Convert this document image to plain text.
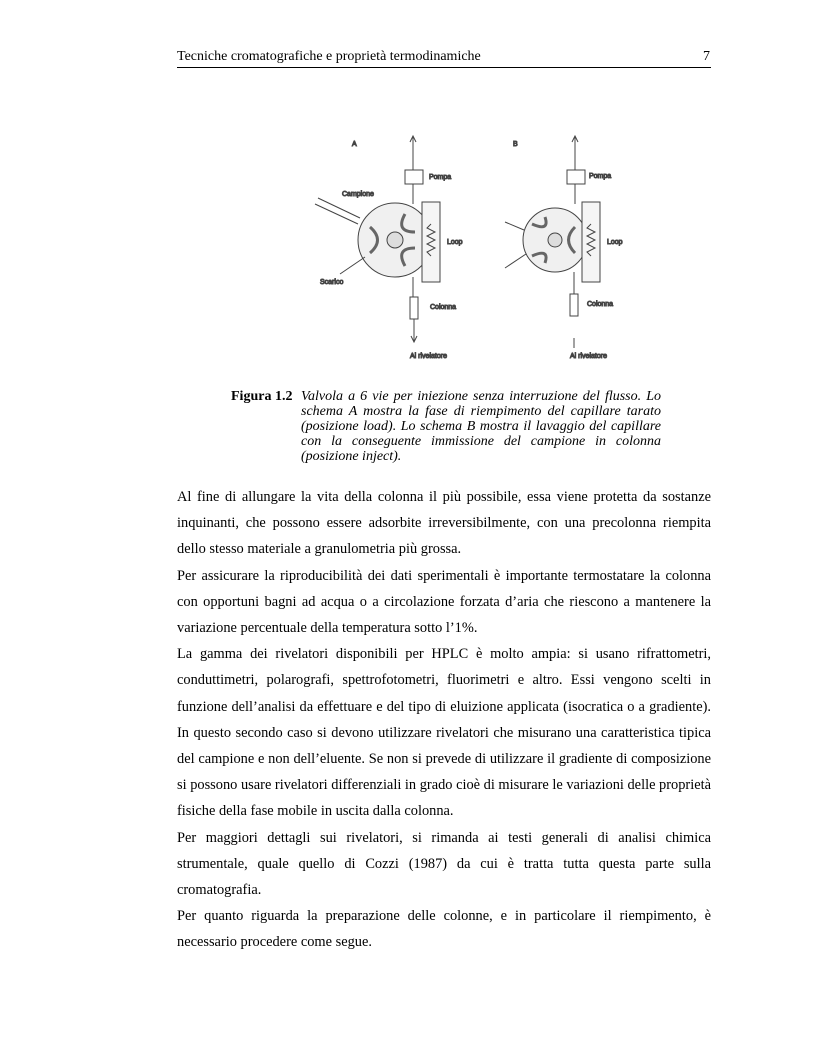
Tecniche cromatografiche e proprietà termodinamiche	7
A
Pompa
Loop
Campione
Scarico
Colonna
Al rivelatore
B
Pompa
Loop
Colonna
Al rivelatore
Figura 1.2 Valvola a 6 vie per iniezione senza interruzione del flusso. Lo schema A mostra la fase di riempimento del capillare tarato (posizione load). Lo schema B mostra il lavaggio del capillare con la conseguente immissione del campione in colonna (posizione inject).

Al fine di allungare la vita della colonna il più possibile, essa viene protetta da sostanze inquinanti, che possono essere adsorbite irreversibilmente, con una precolonna riempita dello stesso materiale a granulometria più grossa.

Per assicurare la riproducibilità dei dati sperimentali è importante termostatare la colonna con opportuni bagni ad acqua o a circolazione forzata d’aria che riescono a mantenere la variazione percentuale della temperatura sotto l’1%.

La gamma dei rivelatori disponibili per HPLC è molto ampia: si usano rifrattometri, conduttimetri, polarografi, spettrofotometri, fluorimetri e altro. Essi vengono scelti in funzione dell’analisi da effettuare e del tipo di eluizione applicata (isocratica o a gradiente). In questo secondo caso si devono utilizzare rivelatori che misurano una caratteristica tipica del campione e non dell’eluente. Se non si prevede di utilizzare il gradiente di composizione si possono usare rivelatori differenziali in grado cioè di misurare le variazioni delle proprietà fisiche della fase mobile in uscita dalla colonna.

Per maggiori dettagli sui rivelatori, si rimanda ai testi generali di analisi chimica strumentale, quale quello di Cozzi (1987) da cui è tratta tutta questa parte sulla cromatografia.

Per quanto riguarda la preparazione delle colonne, e in particolare il riempimento, è necessario procedere come segue.
